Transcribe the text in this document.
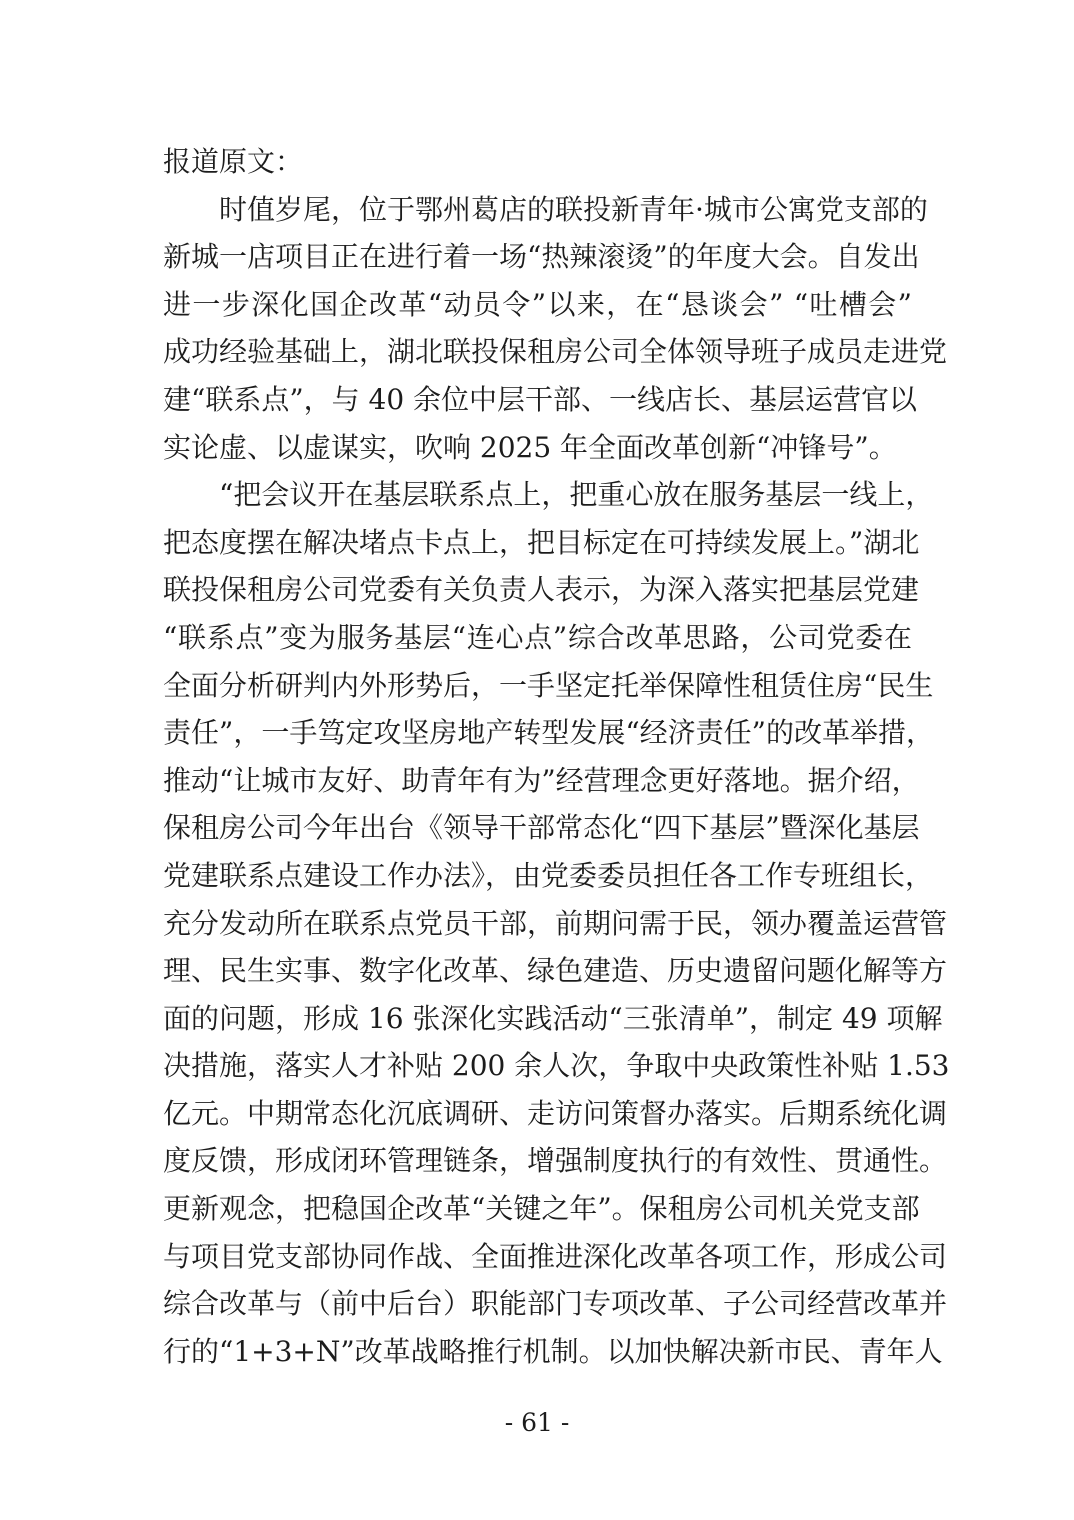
报道原文：
时值岁尾，位于鄂州葛店的联投新青年·城市公寓党支部的
新城一店项目正在进行着一场“热辣滚烫”的年度大会。自发出
进一步深化国企改革“动员令”以来，在“恳谈会” “吐槽会”
成功经验基础上，湖北联投保租房公司全体领导班子成员走进党
建“联系点”，与 40 余位中层干部、一线店长、基层运营官以
实论虚、以虚谋实，吹响 2025 年全面改革创新“冲锋号”。
“把会议开在基层联系点上，把重心放在服务基层一线上，
把态度摆在解决堵点卡点上，把目标定在可持续发展上。”湖北
联投保租房公司党委有关负责人表示，为深入落实把基层党建
“联系点”变为服务基层“连心点”综合改革思路，公司党委在
全面分析研判内外形势后，一手坚定托举保障性租赁住房“民生
责任”，一手笃定攻坚房地产转型发展“经济责任”的改革举措，
推动“让城市友好、助青年有为”经营理念更好落地。据介绍，
保租房公司今年出台《领导干部常态化“四下基层”暨深化基层
党建联系点建设工作办法》，由党委委员担任各工作专班组长，
充分发动所在联系点党员干部，前期问需于民，领办覆盖运营管
理、民生实事、数字化改革、绿色建造、历史遗留问题化解等方
面的问题，形成 16 张深化实践活动“三张清单”，制定 49 项解
决措施，落实人才补贴 200 余人次，争取中央政策性补贴 1.53
亿元。中期常态化沉底调研、走访问策督办落实。后期系统化调
度反馈，形成闭环管理链条，增强制度执行的有效性、贯通性。
更新观念，把稳国企改革“关键之年”。保租房公司机关党支部
与项目党支部协同作战、全面推进深化改革各项工作，形成公司
综合改革与（前中后台）职能部门专项改革、子公司经营改革并
行的“1+3+N”改革战略推行机制。以加快解决新市民、青年人
- 61 -
